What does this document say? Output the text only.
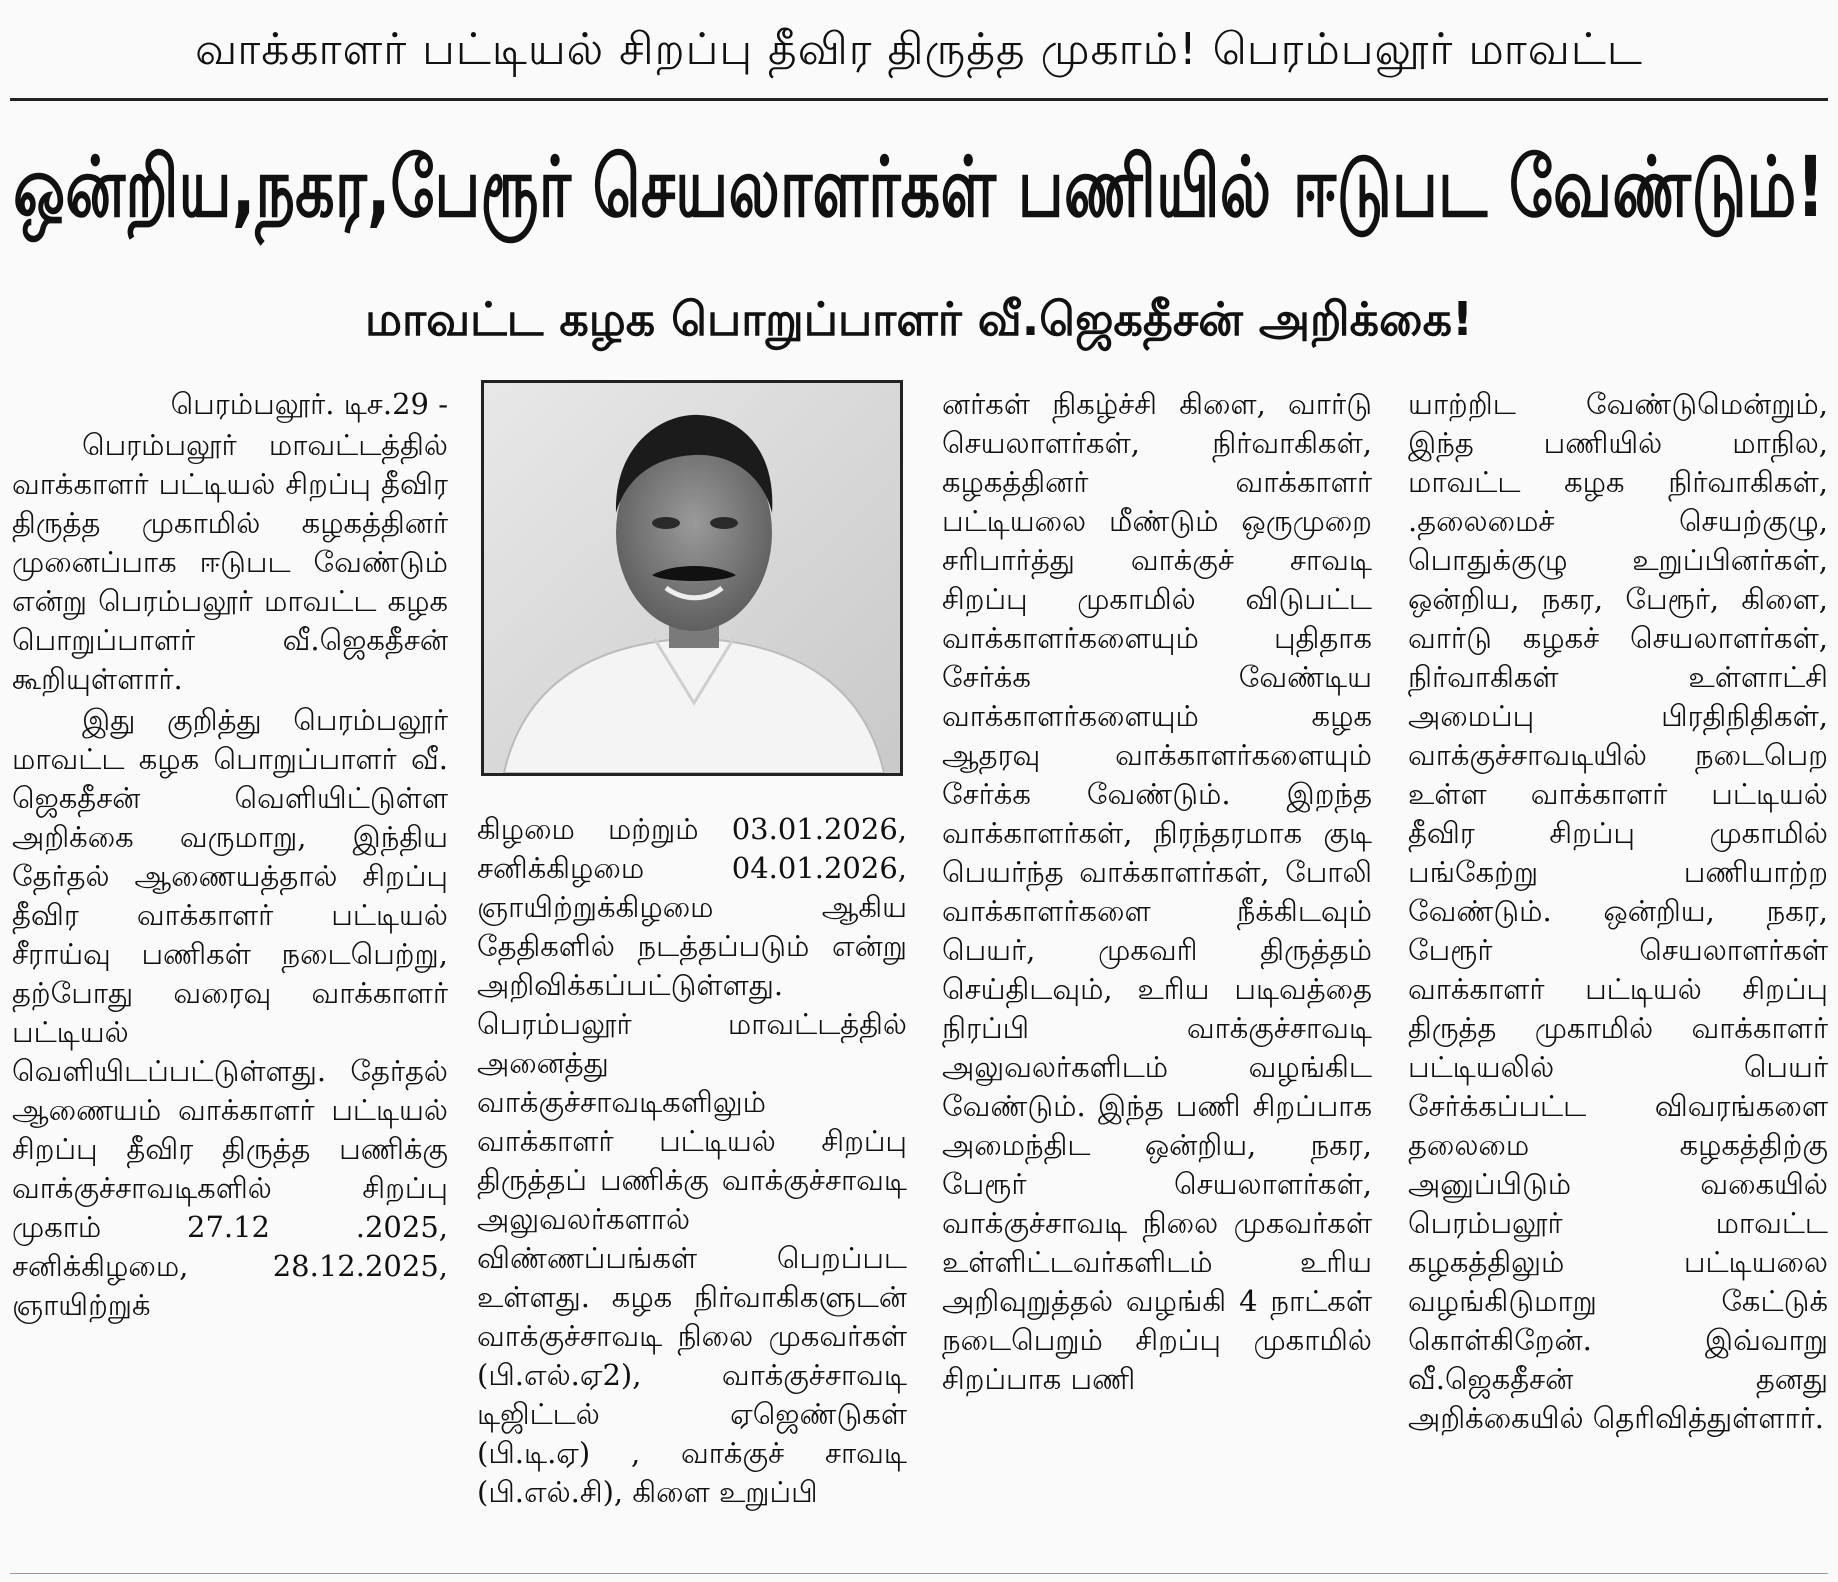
வாக்காளர் பட்டியல் சிறப்பு தீவிர திருத்த முகாம்! பெரம்பலூர் மாவட்ட
ஒன்றிய,நகர,பேரூர் செயலாளர்கள் பணியில் ஈடுபட வேண்டும்!
மாவட்ட கழக பொறுப்பாளர் வீ.ஜெகதீசன் அறிக்கை!

பெரம்பலூர். டிச.29 -

பெரம்பலூர் மாவட்டத்தில் வாக்காளர் பட்டியல் சிறப்பு தீவிர திருத்த முகாமில் கழகத்தினர் முனைப்பாக ஈடுபட வேண்டும் என்று பெரம்பலூர் மாவட்ட கழக பொறுப்பாளர் வீ.ஜெகதீசன் கூறியுள்ளார்.

இது குறித்து பெரம்பலூர் மாவட்ட கழக பொறுப்பாளர் வீ. ஜெகதீசன் வெளியிட்டுள்ள அறிக்கை வருமாறு, இந்திய தேர்தல் ஆணையத்தால் சிறப்பு தீவிர வாக்காளர் பட்டியல் சீராய்வு பணிகள் நடைபெற்று, தற்போது வரைவு வாக்காளர் பட்டியல் வெளியிடப்பட்டுள்ளது. தேர்தல் ஆணையம் வாக்காளர் பட்டியல் சிறப்பு தீவிர திருத்த பணிக்கு வாக்குச்சாவடிகளில் சிறப்பு முகாம் 27.12 .2025, சனிக்கிழமை, 28.12.2025, ஞாயிற்றுக்

கிழமை மற்றும் 03.01.2026, சனிக்கிழமை 04.01.2026, ஞாயிற்றுக்கிழமை ஆகிய தேதிகளில் நடத்தப்படும் என்று அறிவிக்கப்பட்டுள்ளது. பெரம்பலூர் மாவட்டத்தில் அனைத்து வாக்குச்சாவடிகளிலும் வாக்காளர் பட்டியல் சிறப்பு திருத்தப் பணிக்கு வாக்குச்சாவடி அலுவலர்களால் விண்ணப்பங்கள் பெறப்பட உள்ளது. கழக நிர்வாகிகளுடன் வாக்குச்சாவடி நிலை முகவர்கள் (பி.எல்.ஏ2), வாக்குச்சாவடி டிஜிட்டல் ஏஜெண்டுகள் (பி.டி.ஏ) , வாக்குச் சாவடி (பி.எல்.சி), கிளை உறுப்பி

னர்கள் நிகழ்ச்சி கிளை, வார்டு செயலாளர்கள், நிர்வாகிகள், கழகத்தினர் வாக்காளர் பட்டியலை மீண்டும் ஒருமுறை சரிபார்த்து வாக்குச் சாவடி சிறப்பு முகாமில் விடுபட்ட வாக்காளர்களையும் புதிதாக சேர்க்க வேண்டிய வாக்காளர்களையும் கழக ஆதரவு வாக்காளர்களையும் சேர்க்க வேண்டும். இறந்த வாக்காளர்கள், நிரந்தரமாக குடி பெயர்ந்த வாக்காளர்கள், போலி வாக்காளர்களை நீக்கிடவும் பெயர், முகவரி திருத்தம் செய்திடவும், உரிய படிவத்தை நிரப்பி வாக்குச்சாவடி அலுவலர்களிடம் வழங்கிட வேண்டும். இந்த பணி சிறப்பாக அமைந்திட ஒன்றிய, நகர, பேரூர் செயலாளர்கள், வாக்குச்சாவடி நிலை முகவர்கள் உள்ளிட்டவர்களிடம் உரிய அறிவுறுத்தல் வழங்கி 4 நாட்கள் நடைபெறும் சிறப்பு முகாமில் சிறப்பாக பணி

யாற்றிட வேண்டுமென்றும், இந்த பணியில் மாநில, மாவட்ட கழக நிர்வாகிகள், .தலைமைச் செயற்குழு, பொதுக்குழு உறுப்பினர்கள், ஒன்றிய, நகர, பேரூர், கிளை, வார்டு கழகச் செயலாளர்கள், நிர்வாகிகள் உள்ளாட்சி அமைப்பு பிரதிநிதிகள், வாக்குச்சாவடியில் நடைபெற உள்ள வாக்காளர் பட்டியல் தீவிர சிறப்பு முகாமில் பங்கேற்று பணியாற்ற வேண்டும். ஒன்றிய, நகர, பேரூர் செயலாளர்கள் வாக்காளர் பட்டியல் சிறப்பு திருத்த முகாமில் வாக்காளர் பட்டியலில் பெயர் சேர்க்கப்பட்ட விவரங்களை தலைமை கழகத்திற்கு அனுப்பிடும் வகையில் பெரம்பலூர் மாவட்ட கழகத்திலும் பட்டியலை வழங்கிடுமாறு கேட்டுக் கொள்கிறேன். இவ்வாறு வீ.ஜெகதீசன் தனது அறிக்கையில் தெரிவித்துள்ளார்.
